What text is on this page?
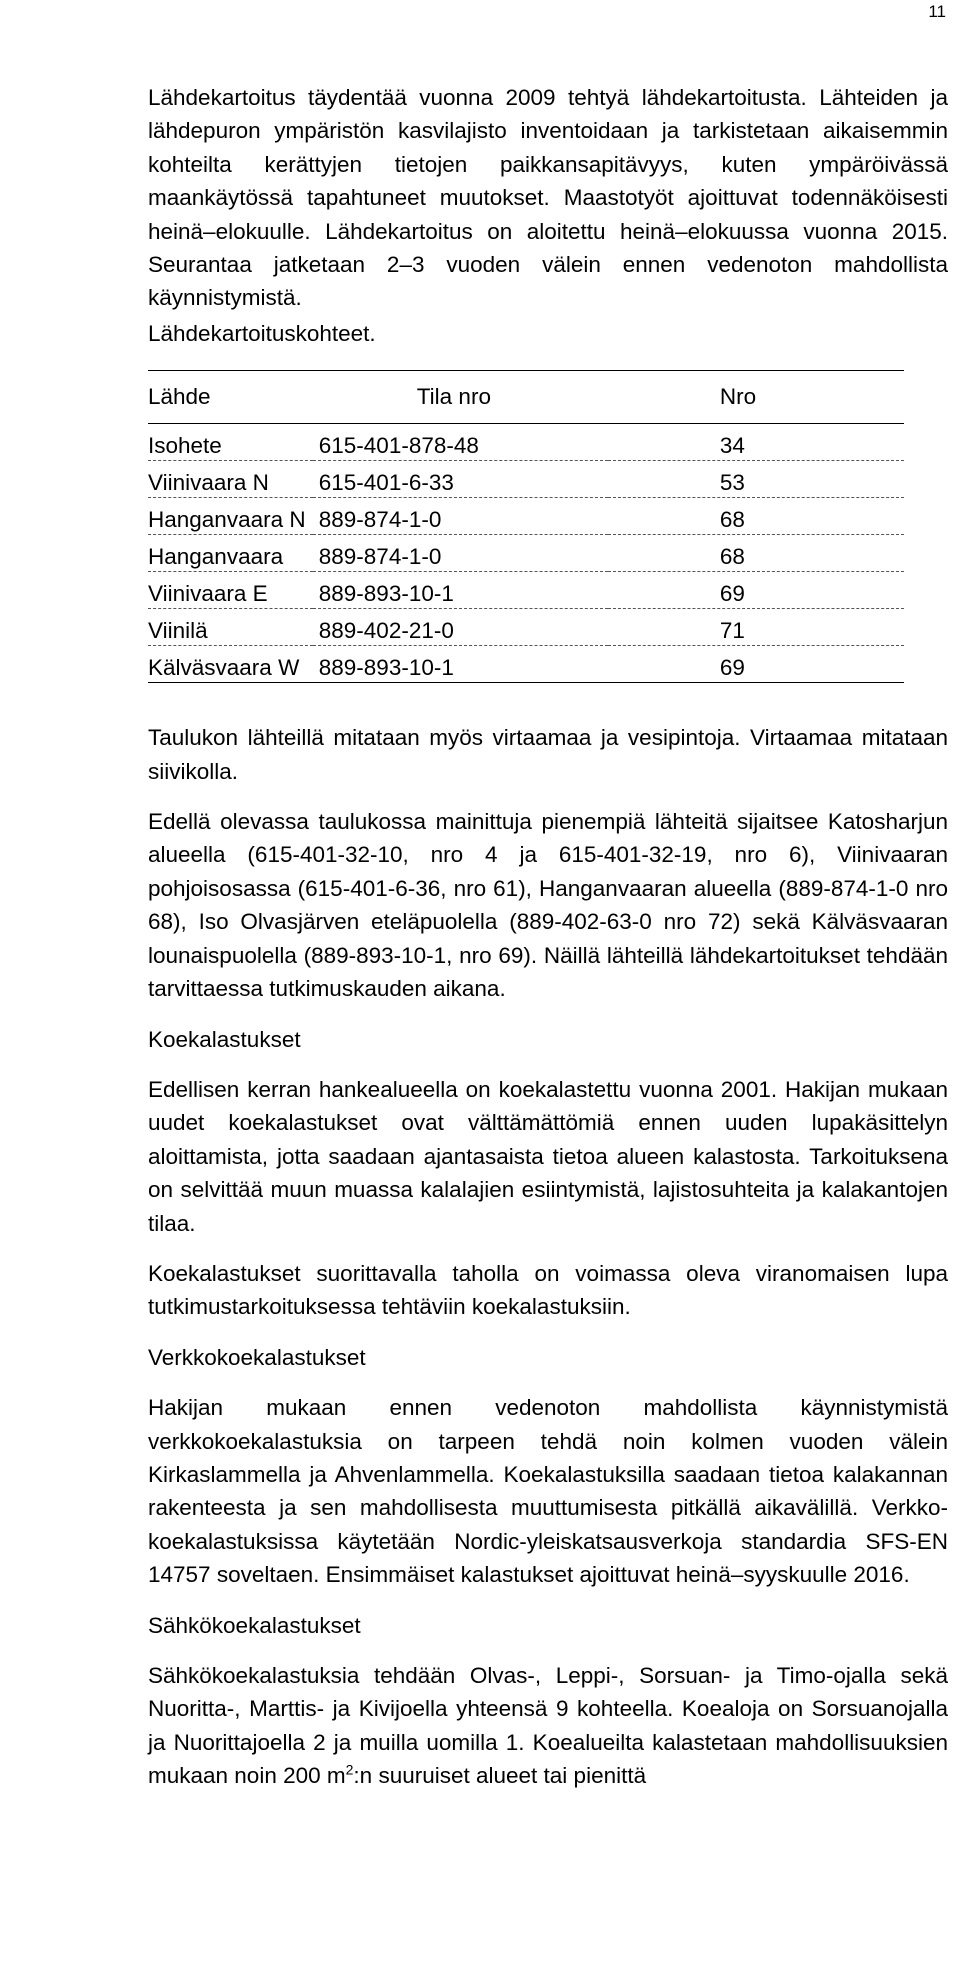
11

Lähdekartoitus täydentää vuonna 2009 tehtyä lähdekartoitusta. Lähteiden ja lähdepuron ympäristön kasvilajisto inventoidaan ja tarkistetaan aikaisemmin kohteilta kerättyjen tietojen paikkansapitävyys, kuten ympäröivässä maankäytössä tapahtuneet muutokset. Maastotyöt ajoittuvat todennäköisesti heinä–elokuulle. Lähdekartoitus on aloitettu heinä–elokuussa vuonna 2015. Seurantaa jatketaan 2–3 vuoden välein ennen vedenoton mahdollista käynnistymistä.

Lähdekartoituskohteet.

Lähde	Tila nro	Nro
Isohete	615-401-878-48	34
Viinivaara N	615-401-6-33	53
Hanganvaara N	889-874-1-0	68
Hanganvaara	889-874-1-0	68
Viinivaara E	889-893-10-1	69
Viinilä	889-402-21-0	71
Kälväsvaara W	889-893-10-1	69

Taulukon lähteillä mitataan myös virtaamaa ja vesipintoja. Virtaamaa mitataan siivikolla.

Edellä olevassa taulukossa mainittuja pienempiä lähteitä sijaitsee Katosharjun alueella (615-401-32-10, nro 4 ja 615-401-32-19, nro 6), Viinivaaran pohjoisosassa (615-401-6-36, nro 61), Hanganvaaran alueella (889-874-1-0 nro 68), Iso Olvasjärven eteläpuolella (889-402-63-0 nro 72) sekä Kälväsvaaran lounaispuolella (889-893-10-1, nro 69). Näillä lähteillä lähdekartoitukset tehdään tarvittaessa tutkimuskauden aikana.

Koekalastukset

Edellisen kerran hankealueella on koekalastettu vuonna 2001. Hakijan mukaan uudet koekalastukset ovat välttämättömiä ennen uuden lupakäsittelyn aloittamista, jotta saadaan ajantasaista tietoa alueen kalastosta. Tarkoituksena on selvittää muun muassa kalalajien esiintymistä, lajistosuhteita ja kalakantojen tilaa.

Koekalastukset suorittavalla taholla on voimassa oleva viranomaisen lupa tutkimustarkoituksessa tehtäviin koekalastuksiin.

Verkkokoekalastukset

Hakijan mukaan ennen vedenoton mahdollista käynnistymistä verkkokoekalastuksia on tarpeen tehdä noin kolmen vuoden välein Kirkaslammella ja Ahvenlammella. Koekalastuksilla saadaan tietoa kalakannan rakenteesta ja sen mahdollisesta muuttumisesta pitkällä aikavälillä. Verkko-koekalastuksissa käytetään Nordic-yleiskatsausverkoja standardia SFS-EN 14757 soveltaen. Ensimmäiset kalastukset ajoittuvat heinä–syyskuulle 2016.

Sähkökoekalastukset

Sähkökoekalastuksia tehdään Olvas-, Leppi-, Sorsuan- ja Timo-ojalla sekä Nuoritta-, Marttis- ja Kivijoella yhteensä 9 kohteella. Koealoja on Sorsuanojalla ja Nuorittajoella 2 ja muilla uomilla 1. Koealueilta kalastetaan mahdollisuuksien mukaan noin 200 $m^2:n$ suuruiset alueet tai pienittä
